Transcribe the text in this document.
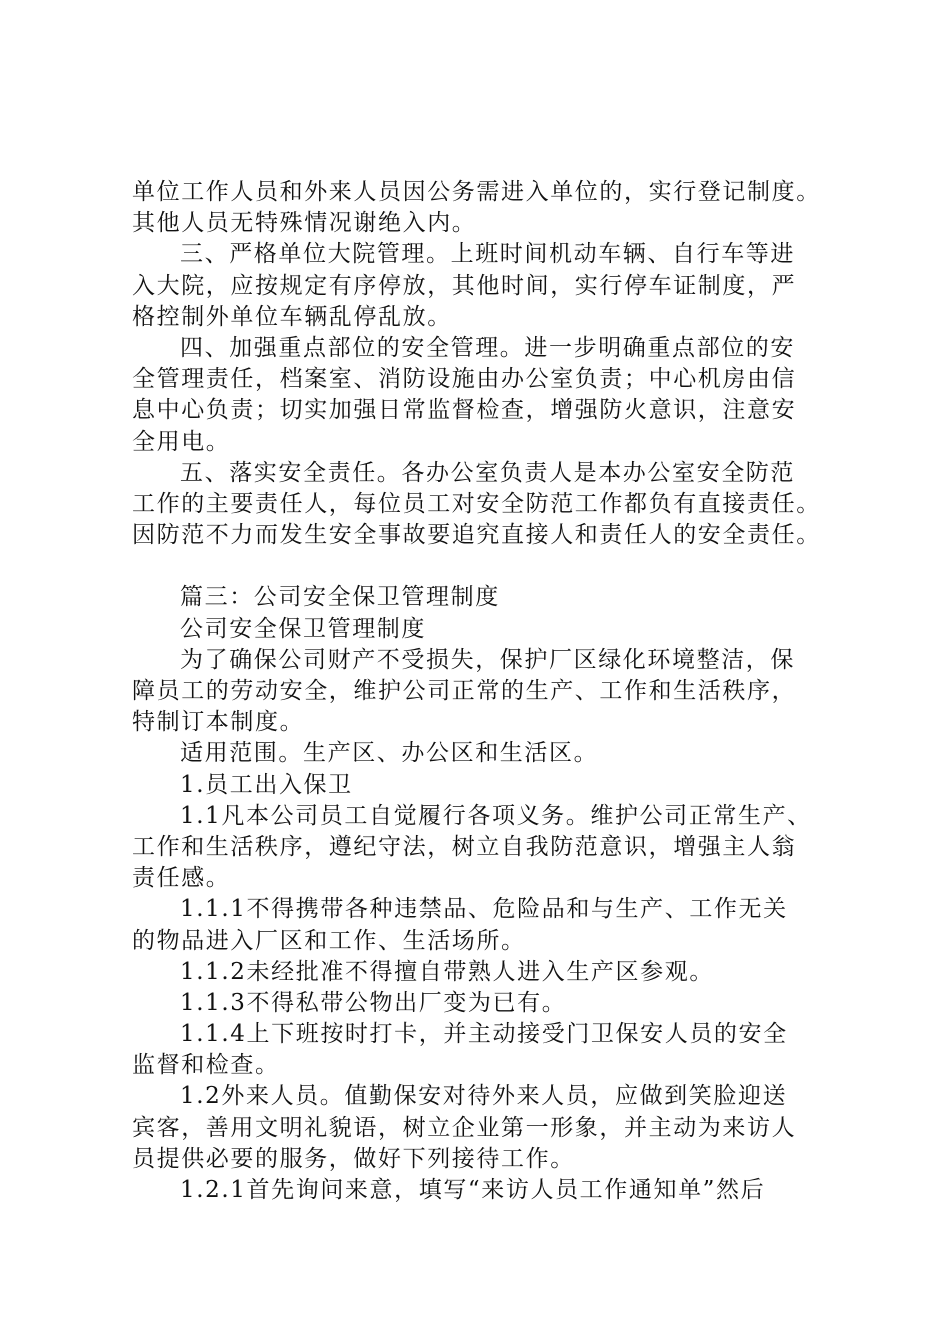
单位工作人员和外来人员因公务需进入单位的，实行登记制度。
其他人员无特殊情况谢绝入内。
三、严格单位大院管理。上班时间机动车辆、自行车等进
入大院，应按规定有序停放，其他时间，实行停车证制度，严
格控制外单位车辆乱停乱放。
四、加强重点部位的安全管理。进一步明确重点部位的安
全管理责任，档案室、消防设施由办公室负责；中心机房由信
息中心负责；切实加强日常监督检查，增强防火意识，注意安
全用电。
五、落实安全责任。各办公室负责人是本办公室安全防范
工作的主要责任人，每位员工对安全防范工作都负有直接责任。
因防范不力而发生安全事故要追究直接人和责任人的安全责任。
篇三：公司安全保卫管理制度
公司安全保卫管理制度
为了确保公司财产不受损失，保护厂区绿化环境整洁，保
障员工的劳动安全，维护公司正常的生产、工作和生活秩序，
特制订本制度。
适用范围。生产区、办公区和生活区。
1.员工出入保卫
1.1凡本公司员工自觉履行各项义务。维护公司正常生产、
工作和生活秩序，遵纪守法，树立自我防范意识，增强主人翁
责任感。
1.1.1不得携带各种违禁品、危险品和与生产、工作无关
的物品进入厂区和工作、生活场所。
1.1.2未经批准不得擅自带熟人进入生产区参观。
1.1.3不得私带公物出厂变为已有。
1.1.4上下班按时打卡，并主动接受门卫保安人员的安全
监督和检查。
1.2外来人员。值勤保安对待外来人员，应做到笑脸迎送
宾客，善用文明礼貌语，树立企业第一形象，并主动为来访人
员提供必要的服务，做好下列接待工作。
1.2.1首先询问来意，填写“来访人员工作通知单”然后
